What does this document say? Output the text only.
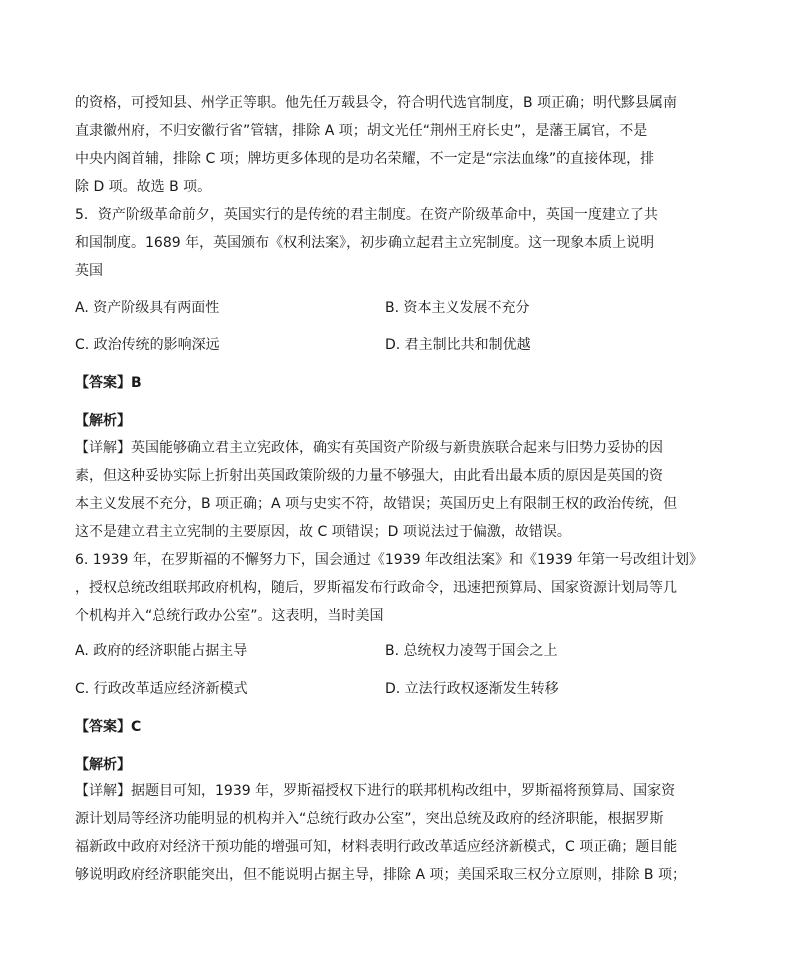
的资格，可授知县、州学正等职。他先任万载县令，符合明代选官制度，B 项正确；明代黟县属南
直隶徽州府，不归安徽行省”管辖，排除 A 项；胡文光任“荆州王府长史”，是藩王属官，不是
中央内阁首辅，排除 C 项；牌坊更多体现的是功名荣耀，不一定是“宗法血缘”的直接体现，排
除 D 项。故选 B 项。
5．资产阶级革命前夕，英国实行的是传统的君主制度。在资产阶级革命中，英国一度建立了共
和国制度。1689 年，英国颁布《权利法案》，初步确立起君主立宪制度。这一现象本质上说明
英国
A. 资产阶级具有两面性	B. 资本主义发展不充分
C. 政治传统的影响深远	D. 君主制比共和制优越
【答案】B
【解析】
【详解】英国能够确立君主立宪政体，确实有英国资产阶级与新贵族联合起来与旧势力妥协的因
素，但这种妥协实际上折射出英国政策阶级的力量不够强大，由此看出最本质的原因是英国的资
本主义发展不充分，B 项正确；A 项与史实不符，故错误；英国历史上有限制王权的政治传统，但
这不是建立君主立宪制的主要原因，故 C 项错误；D 项说法过于偏激，故错误。
6. 1939 年，在罗斯福的不懈努力下，国会通过《1939 年改组法案》和《1939 年第一号改组计划》
，授权总统改组联邦政府机构，随后，罗斯福发布行政命令，迅速把预算局、国家资源计划局等几
个机构并入“总统行政办公室”。这表明，当时美国
A. 政府的经济职能占据主导	B. 总统权力凌驾于国会之上
C. 行政改革适应经济新模式	D. 立法行政权逐渐发生转移
【答案】C
【解析】
【详解】据题目可知，1939 年，罗斯福授权下进行的联邦机构改组中，罗斯福将预算局、国家资
源计划局等经济功能明显的机构并入“总统行政办公室”，突出总统及政府的经济职能，根据罗斯
福新政中政府对经济干预功能的增强可知，材料表明行政改革适应经济新模式，C 项正确；题目能
够说明政府经济职能突出，但不能说明占据主导，排除 A 项；美国采取三权分立原则，排除 B 项；
